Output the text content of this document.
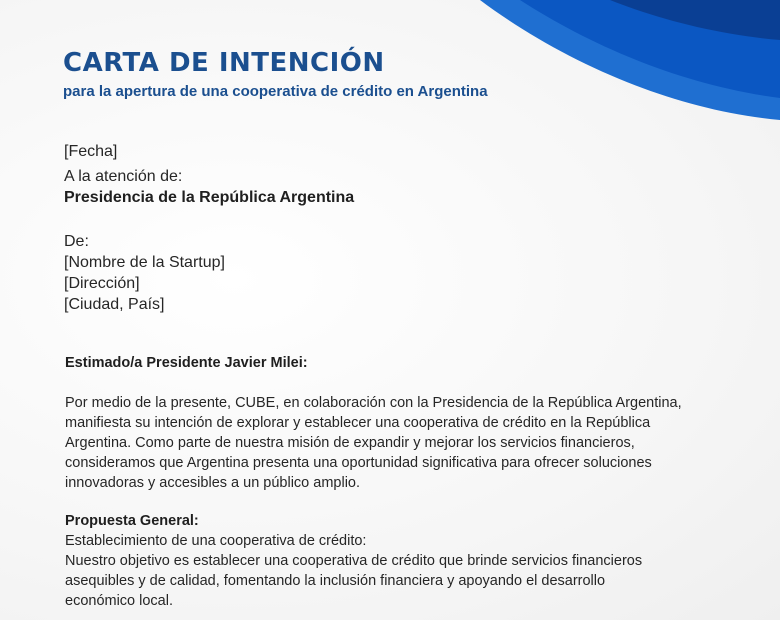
CARTA DE INTENCIÓN
para la apertura de una cooperativa de crédito en Argentina
[Fecha]
A la atención de:
Presidencia de la República Argentina
De:
[Nombre de la Startup]
[Dirección]
[Ciudad, País]

Estimado/a Presidente Javier Milei:

Por medio de la presente, CUBE, en colaboración con la Presidencia de la República Argentina,
manifiesta su intención de explorar y establecer una cooperativa de crédito en la República
Argentina. Como parte de nuestra misión de expandir y mejorar los servicios financieros,
consideramos que Argentina presenta una oportunidad significativa para ofrecer soluciones
innovadoras y accesibles a un público amplio.
Propuesta General:
Establecimiento de una cooperativa de crédito:
Nuestro objetivo es establecer una cooperativa de crédito que brinde servicios financieros
asequibles y de calidad, fomentando la inclusión financiera y apoyando el desarrollo
económico local.
